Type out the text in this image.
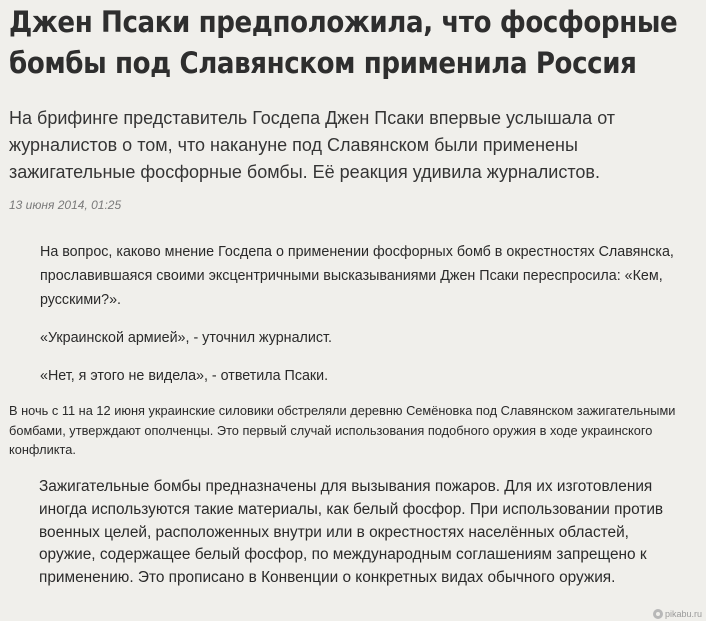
Джен Псаки предположила, что фосфорные бомбы под Славянском применила Россия

На брифинге представитель Госдепа Джен Псаки впервые услышала от журналистов о том, что накануне под Славянском были применены зажигательные фосфорные бомбы. Её реакция удивила журналистов.

13 июня 2014, 01:25

На вопрос, каково мнение Госдепа о применении фосфорных бомб в окрестностях Славянска, прославившаяся своими эксцентричными высказываниями Джен Псаки переспросила: «Кем, русскими?».

«Украинской армией», - уточнил журналист.

«Нет, я этого не видела», - ответила Псаки.

В ночь с 11 на 12 июня украинские силовики обстреляли деревню Семёновка под Славянском зажигательными бомбами, утверждают ополченцы. Это первый случай использования подобного оружия в ходе украинского конфликта.

Зажигательные бомбы предназначены для вызывания пожаров. Для их изготовления иногда используются такие материалы, как белый фосфор. При использовании против военных целей, расположенных внутри или в окрестностях населённых областей, оружие, содержащее белый фосфор, по международным соглашениям запрещено к применению. Это прописано в Конвенции о конкретных видах обычного оружия.

pikabu.ru
